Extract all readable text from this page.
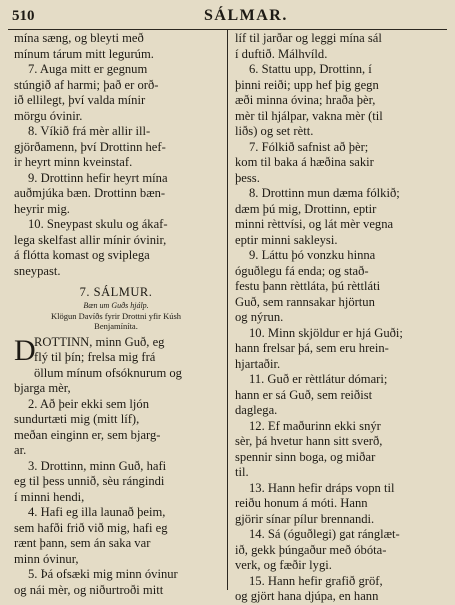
510	SÁLMAR.
mína sæng, og bleyti með
mínum tárum mitt legurúm.
7. Auga mitt er gegnum
stúngið af harmi; það er orð-
ið ellilegt, því valda mínir
mörgu óvinir.
8. Víkið frá mèr allir ill-
gjörðamenn, því Drottinn hef-
ir heyrt minn kveinstaf.
9. Drottinn hefir heyrt mína
auðmjúka bæn. Drottinn bæn-
heyrir mig.
10. Sneypast skulu og ákaf-
lega skelfast allir mínir óvinir,
á flótta komast og sviplega
sneypast.
7. SÁLMUR.
Bæn um Guðs hjálp.
Klögun Davíðs fyrir Drottni yfir Kúsh
Benjamíníta.
D
ROTTINN, minn Guð, eg
flý til þín; frelsa mig frá
öllum mínum ofsóknurum og
bjarga mèr,
2. Að þeir ekki sem ljón
sundurtæti mig (mitt líf),
meðan einginn er, sem bjarg-
ar.
3. Drottinn, minn Guð, hafi
eg til þess unnið, sèu rángindi
í minni hendi,
4. Hafi eg illa launað þeim,
sem hafði frið við mig, hafi eg
rænt þann, sem án saka var
minn óvinur,
5. Þá ofsæki mig minn óvinur
og nái mèr, og niðurtroði mitt
líf til jarðar og leggi mína sál
í duftið. Málhvíld.
6. Stattu upp, Drottinn, í
þinni reiði; upp hef þig gegn
æði minna óvina; hraða þèr,
mèr til hjálpar, vakna mèr (til
liðs) og set rètt.
7. Fólkið safnist að þèr;
kom til baka á hæðina sakir
þess.
8. Drottinn mun dæma fólkið;
dæm þú mig, Drottinn, eptir
minni rèttvísi, og lát mèr vegna
eptir minni sakleysi.
9. Láttu þó vonzku hinna
óguðlegu fá enda; og stað-
festu þann rèttláta, þú rèttláti
Guð, sem rannsakar hjörtun
og nýrun.
10. Minn skjöldur er hjá Guði;
hann frelsar þá, sem eru hrein-
hjartaðir.
11. Guð er rèttlátur dómari;
hann er sá Guð, sem reiðist
daglega.
12. Ef maðurinn ekki snýr
sèr, þá hvetur hann sitt sverð,
spennir sinn boga, og miðar
til.
13. Hann hefir dráps vopn til
reiðu honum á móti. Hann
gjörir sínar pílur brennandi.
14. Sá (óguðlegi) gat ránglæt-
ið, gekk þúngaður með óbóta-
verk, og fæðir lygi.
15. Hann hefir grafið gröf,
og gjört hana djúpa, en hann
